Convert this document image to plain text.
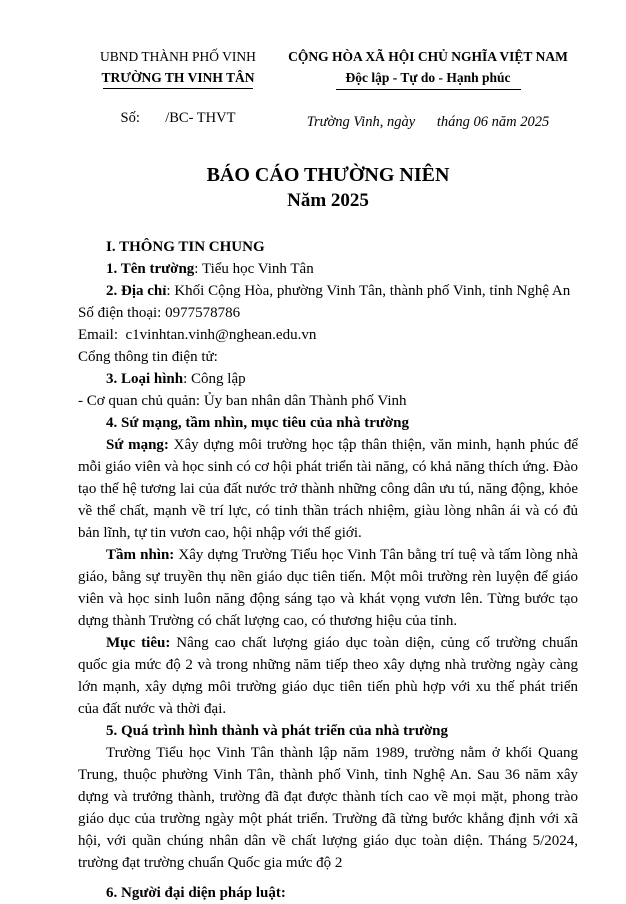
UBND THÀNH PHỐ VINH
TRƯỜNG TH VINH TÂN
Số:       /BC- THVT
CỘNG HÒA XÃ HỘI CHỦ NGHĨA VIỆT NAM
Độc lập - Tự do - Hạnh phúc
Trường Vinh, ngày      tháng 06 năm 2025
BÁO CÁO THƯỜNG NIÊN
Năm 2025

I. THÔNG TIN CHUNG

1. Tên trường: Tiểu học Vinh Tân

2. Địa chỉ: Khối Cộng Hòa, phường Vinh Tân, thành phố Vinh, tỉnh Nghệ An

Số điện thoại: 0977578786

Email:  c1vinhtan.vinh@nghean.edu.vn

Cổng thông tin điện tử:

3. Loại hình: Công lập

- Cơ quan chủ quản: Ủy ban nhân dân Thành phố Vinh

4. Sứ mạng, tầm nhìn, mục tiêu của nhà trường

Sứ mạng: Xây dựng môi trường học tập thân thiện, văn minh, hạnh phúc để mỗi giáo viên và học sinh có cơ hội phát triển tài năng, có khả năng thích ứng. Đào tạo thế hệ tương lai của đất nước trở thành những công dân ưu tú, năng động, khỏe về thể chất, mạnh về trí lực, có tinh thần trách nhiệm, giàu lòng nhân ái và có đủ bản lĩnh, tự tin vươn cao, hội nhập với thế giới.

Tầm nhìn: Xây dựng Trường Tiểu học Vinh Tân bằng trí tuệ và tấm lòng nhà giáo, bằng sự truyền thụ nền giáo dục tiên tiến. Một môi trường rèn luyện để giáo viên và học sinh luôn năng động sáng tạo và khát vọng vươn lên. Từng bước tạo dựng thành Trường có chất lượng cao, có thương hiệu của tỉnh.

Mục tiêu: Nâng cao chất lượng giáo dục toàn diện, củng cố trường chuẩn quốc gia mức độ 2 và trong những năm tiếp theo xây dựng nhà trường ngày càng lớn mạnh, xây dựng môi trường giáo dục tiên tiến phù hợp với xu thế phát triển của đất nước và thời đại.

5. Quá trình hình thành và phát triển của nhà trường

Trường Tiểu học Vinh Tân thành lập năm 1989, trường nằm ở khối Quang Trung, thuộc phường Vinh Tân, thành phố Vinh, tỉnh Nghệ An. Sau 36 năm xây dựng và trưởng thành, trường đã đạt được thành tích cao về mọi mặt, phong trào giáo dục của trường ngày một phát triển. Trường đã từng bước khẳng định với xã hội, với quần chúng nhân dân về chất lượng giáo dục toàn diện. Tháng 5/2024, trường đạt trường chuẩn Quốc gia mức độ 2

6. Người đại diện pháp luật:
